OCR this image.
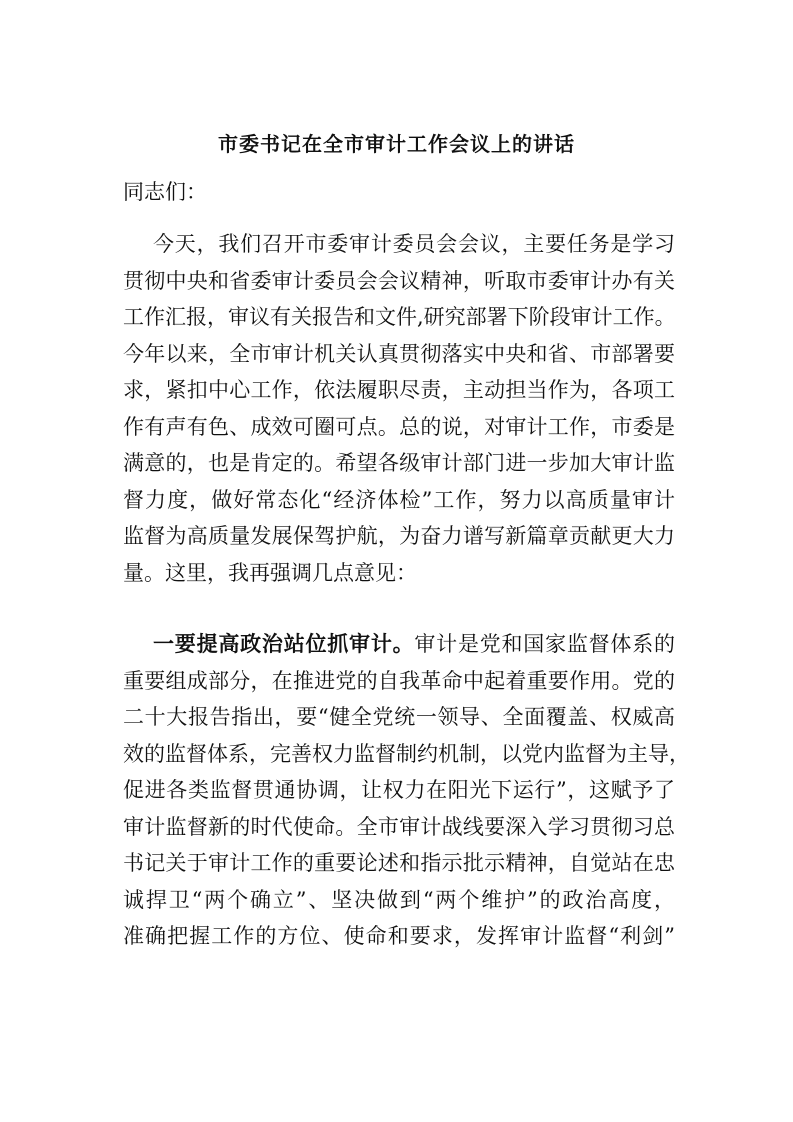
市委书记在全市审计工作会议上的讲话
同志们：
今天，我们召开市委审计委员会会议，主要任务是学习
贯彻中央和省委审计委员会会议精神，听取市委审计办有关
工作汇报，审议有关报告和文件,研究部署下阶段审计工作。
今年以来，全市审计机关认真贯彻落实中央和省、市部署要
求，紧扣中心工作，依法履职尽责，主动担当作为，各项工
作有声有色、成效可圈可点。总的说，对审计工作，市委是
满意的，也是肯定的。希望各级审计部门进一步加大审计监
督力度，做好常态化“经济体检”工作，努力以高质量审计
监督为高质量发展保驾护航，为奋力谱写新篇章贡献更大力
量。这里，我再强调几点意见：
一要提高政治站位抓审计。审计是党和国家监督体系的
重要组成部分，在推进党的自我革命中起着重要作用。党的
二十大报告指出，要“健全党统一领导、全面覆盖、权威高
效的监督体系，完善权力监督制约机制，以党内监督为主导，
促进各类监督贯通协调，让权力在阳光下运行”，这赋予了
审计监督新的时代使命。全市审计战线要深入学习贯彻习总
书记关于审计工作的重要论述和指示批示精神，自觉站在忠
诚捍卫“两个确立”、坚决做到“两个维护”的政治高度，
准确把握工作的方位、使命和要求，发挥审计监督“利剑”
